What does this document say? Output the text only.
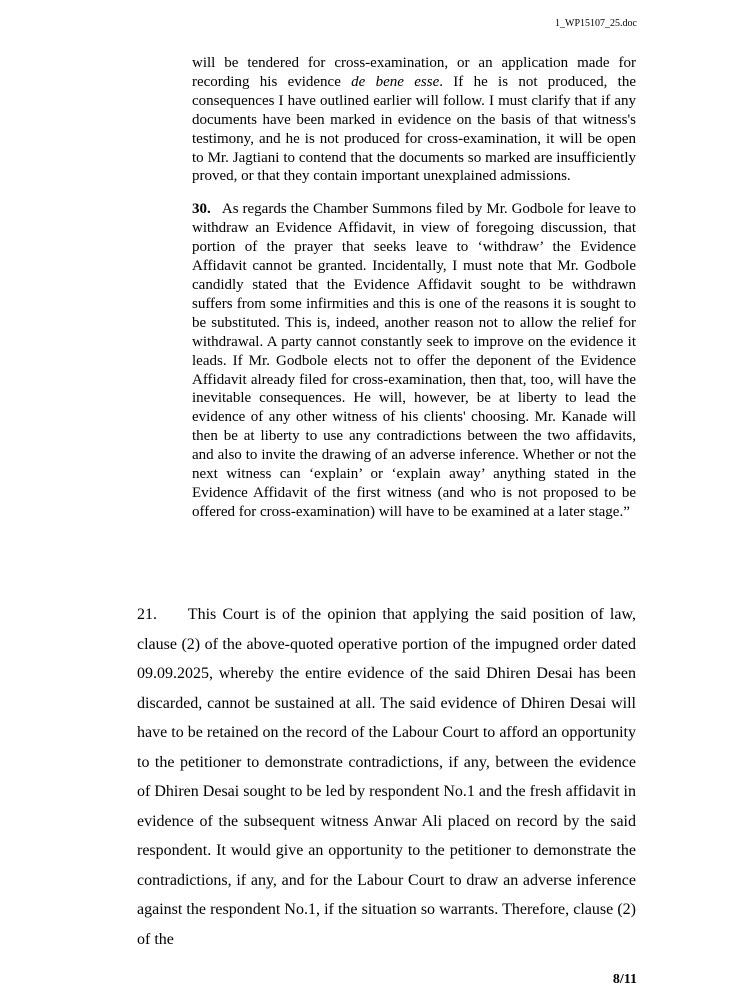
1_WP15107_25.doc

will be tendered for cross-examination, or an application made for recording his evidence de bene esse. If he is not produced, the consequences I have outlined earlier will follow. I must clarify that if any documents have been marked in evidence on the basis of that witness's testimony, and he is not produced for cross-examination, it will be open to Mr. Jagtiani to contend that the documents so marked are insufficiently proved, or that they contain important unexplained admissions.

30. As regards the Chamber Summons filed by Mr. Godbole for leave to withdraw an Evidence Affidavit, in view of foregoing discussion, that portion of the prayer that seeks leave to ‘withdraw’ the Evidence Affidavit cannot be granted. Incidentally, I must note that Mr. Godbole candidly stated that the Evidence Affidavit sought to be withdrawn suffers from some infirmities and this is one of the reasons it is sought to be substituted. This is, indeed, another reason not to allow the relief for withdrawal. A party cannot constantly seek to improve on the evidence it leads. If Mr. Godbole elects not to offer the deponent of the Evidence Affidavit already filed for cross-examination, then that, too, will have the inevitable consequences. He will, however, be at liberty to lead the evidence of any other witness of his clients' choosing. Mr. Kanade will then be at liberty to use any contradictions between the two affidavits, and also to invite the drawing of an adverse inference. Whether or not the next witness can ‘explain’ or ‘explain away’ anything stated in the Evidence Affidavit of the first witness (and who is not proposed to be offered for cross-examination) will have to be examined at a later stage.”

21. This Court is of the opinion that applying the said position of law, clause (2) of the above-quoted operative portion of the impugned order dated 09.09.2025, whereby the entire evidence of the said Dhiren Desai has been discarded, cannot be sustained at all. The said evidence of Dhiren Desai will have to be retained on the record of the Labour Court to afford an opportunity to the petitioner to demonstrate contradictions, if any, between the evidence of Dhiren Desai sought to be led by respondent No.1 and the fresh affidavit in evidence of the subsequent witness Anwar Ali placed on record by the said respondent. It would give an opportunity to the petitioner to demonstrate the contradictions, if any, and for the Labour Court to draw an adverse inference against the respondent No.1, if the situation so warrants. Therefore, clause (2) of the

8/11
